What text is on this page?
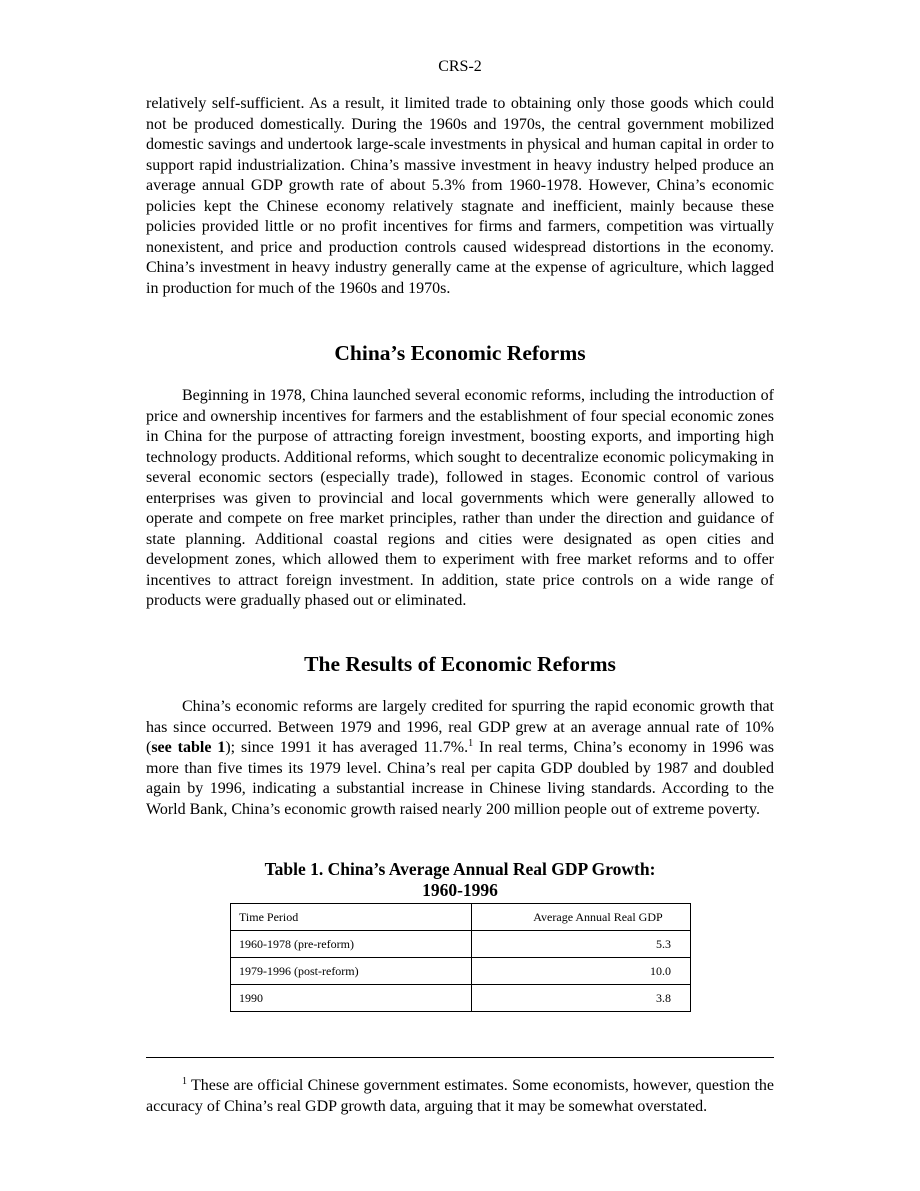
CRS-2

relatively self-sufficient. As a result, it limited trade to obtaining only those goods which could not be produced domestically. During the 1960s and 1970s, the central government mobilized domestic savings and undertook large-scale investments in physical and human capital in order to support rapid industrialization. China’s massive investment in heavy industry helped produce an average annual GDP growth rate of about 5.3% from 1960-1978. However, China’s economic policies kept the Chinese economy relatively stagnate and inefficient, mainly because these policies provided little or no profit incentives for firms and farmers, competition was virtually nonexistent, and price and production controls caused widespread distortions in the economy. China’s investment in heavy industry generally came at the expense of agriculture, which lagged in production for much of the 1960s and 1970s.

China’s Economic Reforms

Beginning in 1978, China launched several economic reforms, including the introduction of price and ownership incentives for farmers and the establishment of four special economic zones in China for the purpose of attracting foreign investment, boosting exports, and importing high technology products. Additional reforms, which sought to decentralize economic policymaking in several economic sectors (especially trade), followed in stages. Economic control of various enterprises was given to provincial and local governments which were generally allowed to operate and compete on free market principles, rather than under the direction and guidance of state planning. Additional coastal regions and cities were designated as open cities and development zones, which allowed them to experiment with free market reforms and to offer incentives to attract foreign investment. In addition, state price controls on a wide range of products were gradually phased out or eliminated.

The Results of Economic Reforms

China’s economic reforms are largely credited for spurring the rapid economic growth that has since occurred. Between 1979 and 1996, real GDP grew at an average annual rate of 10% (see table 1); since 1991 it has averaged 11.7%.$^1$ In real terms, China’s economy in 1996 was more than five times its 1979 level. China’s real per capita GDP doubled by 1987 and doubled again by 1996, indicating a substantial increase in Chinese living standards. According to the World Bank, China’s economic growth raised nearly 200 million people out of extreme poverty.

Table 1. China’s Average Annual Real GDP Growth:
1960-1996
Time Period	Average Annual Real GDP
1960-1978 (pre-reform)	5.3
1979-1996 (post-reform)	10.0
1990	3.8

$^1$ These are official Chinese government estimates. Some economists, however, question the accuracy of China’s real GDP growth data, arguing that it may be somewhat overstated.
